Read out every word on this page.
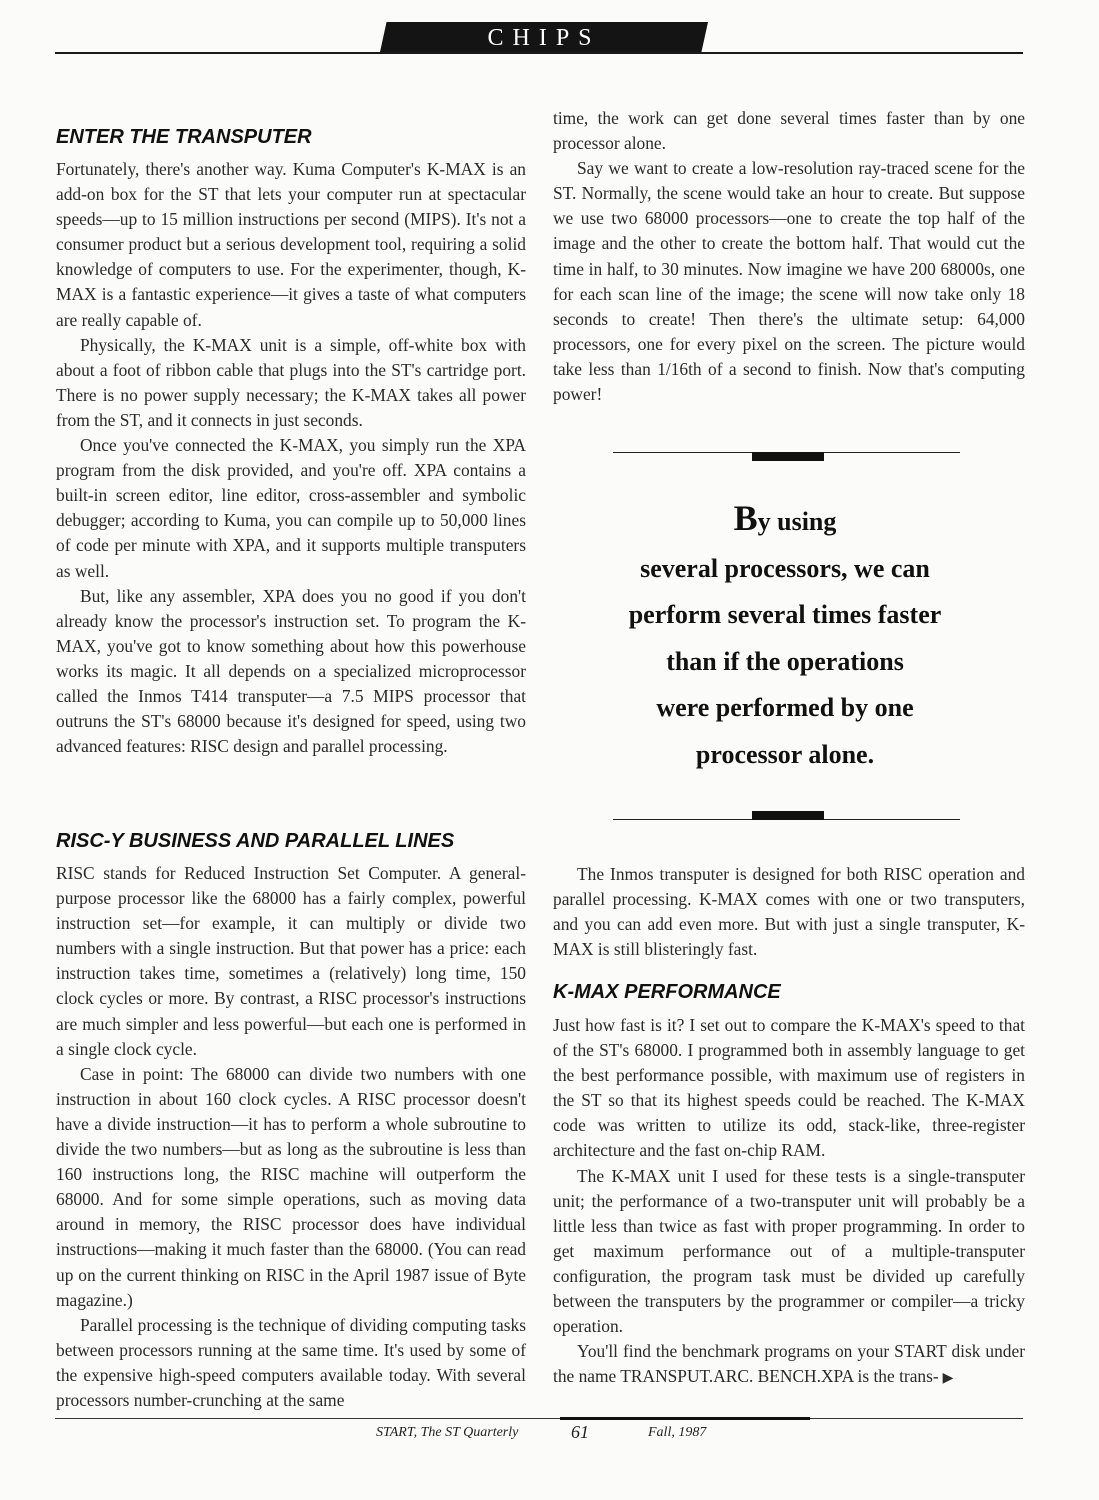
CHIPS
ENTER THE TRANSPUTER

Fortunately, there's another way. Kuma Computer's K-MAX is an add-on box for the ST that lets your computer run at spectacular speeds—up to 15 million instructions per second (MIPS). It's not a consumer product but a serious development tool, requiring a solid knowledge of computers to use. For the experimenter, though, K-MAX is a fantastic experience—it gives a taste of what computers are really capable of.

Physically, the K-MAX unit is a simple, off-white box with about a foot of ribbon cable that plugs into the ST's cartridge port. There is no power supply necessary; the K-MAX takes all power from the ST, and it connects in just seconds.

Once you've connected the K-MAX, you simply run the XPA program from the disk provided, and you're off. XPA contains a built-in screen editor, line editor, cross-assembler and symbolic debugger; according to Kuma, you can compile up to 50,000 lines of code per minute with XPA, and it supports multiple transputers as well.

But, like any assembler, XPA does you no good if you don't already know the processor's instruction set. To program the K-MAX, you've got to know something about how this powerhouse works its magic. It all depends on a specialized microprocessor called the Inmos T414 transputer—a 7.5 MIPS processor that outruns the ST's 68000 because it's designed for speed, using two advanced features: RISC design and parallel processing.

RISC-Y BUSINESS AND PARALLEL LINES

RISC stands for Reduced Instruction Set Computer. A general-purpose processor like the 68000 has a fairly complex, powerful instruction set—for example, it can multiply or divide two numbers with a single instruction. But that power has a price: each instruction takes time, sometimes a (relatively) long time, 150 clock cycles or more. By contrast, a RISC processor's instructions are much simpler and less powerful—but each one is performed in a single clock cycle.

Case in point: The 68000 can divide two numbers with one instruction in about 160 clock cycles. A RISC processor doesn't have a divide instruction—it has to perform a whole subroutine to divide the two numbers—but as long as the subroutine is less than 160 instructions long, the RISC machine will outperform the 68000. And for some simple operations, such as moving data around in memory, the RISC processor does have individual instructions—making it much faster than the 68000. (You can read up on the current thinking on RISC in the April 1987 issue of Byte magazine.)

Parallel processing is the technique of dividing computing tasks between processors running at the same time. It's used by some of the expensive high-speed computers available today. With several processors number-crunching at the same

time, the work can get done several times faster than by one processor alone.

Say we want to create a low-resolution ray-traced scene for the ST. Normally, the scene would take an hour to create. But suppose we use two 68000 processors—one to create the top half of the image and the other to create the bottom half. That would cut the time in half, to 30 minutes. Now imagine we have 200 68000s, one for each scan line of the image; the scene will now take only 18 seconds to create! Then there's the ultimate setup: 64,000 processors, one for every pixel on the screen. The picture would take less than 1/16th of a second to finish. Now that's computing power!

By using
several processors, we can
perform several times faster
than if the operations
were performed by one
processor alone.

The Inmos transputer is designed for both RISC operation and parallel processing. K-MAX comes with one or two transputers, and you can add even more. But with just a single transputer, K-MAX is still blisteringly fast.

K-MAX PERFORMANCE

Just how fast is it? I set out to compare the K-MAX's speed to that of the ST's 68000. I programmed both in assembly language to get the best performance possible, with maximum use of registers in the ST so that its highest speeds could be reached. The K-MAX code was written to utilize its odd, stack-like, three-register architecture and the fast on-chip RAM.

The K-MAX unit I used for these tests is a single-transputer unit; the performance of a two-transputer unit will probably be a little less than twice as fast with proper programming. In order to get maximum performance out of a multiple-transputer configuration, the program task must be divided up carefully between the transputers by the programmer or compiler—a tricky operation.

You'll find the benchmark programs on your START disk under the name TRANSPUT.ARC. BENCH.XPA is the trans- ▶

START, The ST Quarterly	61	Fall, 1987
